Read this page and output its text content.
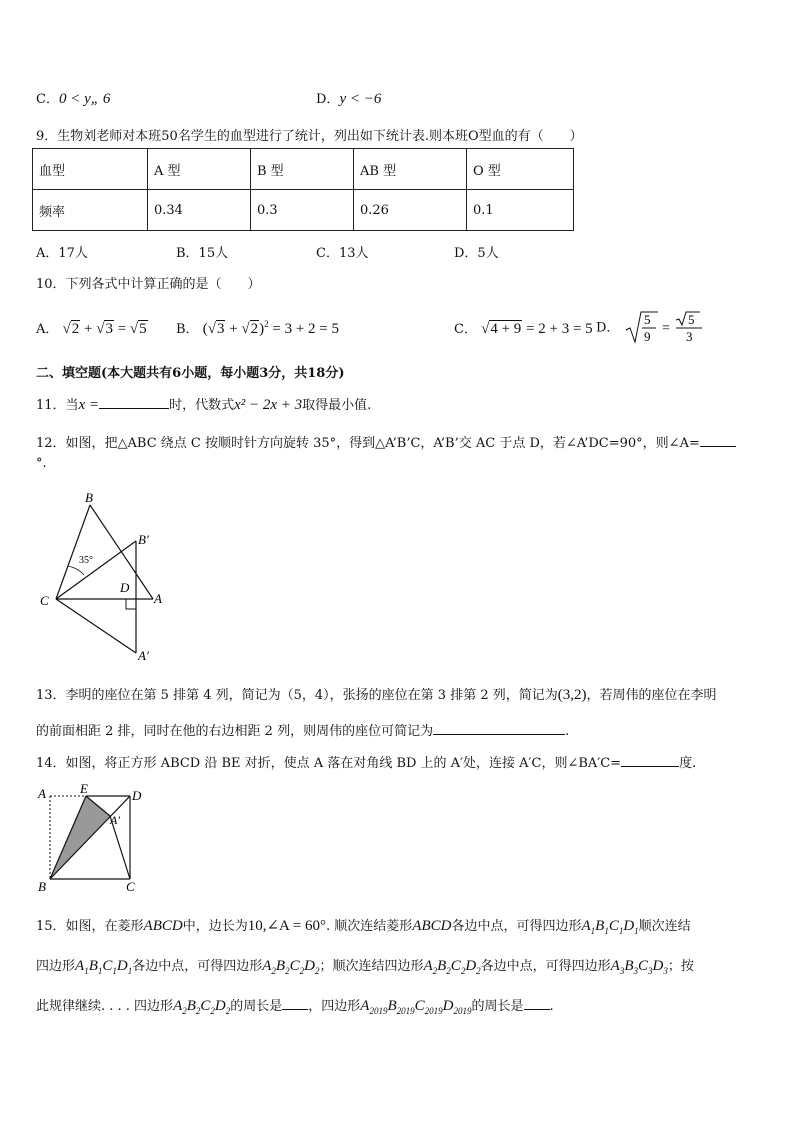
C．0 < y„ 6	D．y < −6
9．生物刘老师对本班50名学生的血型进行了统计，列出如下统计表.则本班O型血的有（　　）
血型	A 型	B 型	AB 型	O 型
频率	0.34	0.3	0.26	0.1
A．17人	B．15人	C．13人	D．5人
10．下列各式中计算正确的是（　　）
A． √2 + √3 = √5 B． $(√3 + √2)^2 = 3 + 2 = 5$	C． √4 + 9 = 2 + 3 = 5 D．
5
9
=
5
3
二、填空题(本大题共有6小题，每小题3分，共18分)
11．当x =	时，代数式x² − 2x + 3取得最小值.
12．如图，把△ABC 绕点 C 按顺时针方向旋转 35°，得到△A’B’C，A’B’交 AC 于点 D，若∠A’DC=90°，则∠A=
°.
B
B′
C
D
A
A′
35°
13．李明的座位在第 5 排第 4 列，简记为（5，4），张扬的座位在第 3 排第 2 列，简记为(3,2)，若周伟的座位在李明
的前面相距 2 排，同时在他的右边相距 2 列，则周伟的座位可简记为	.
14．如图，将正方形 ABCD 沿 BE 对折，使点 A 落在对角线 BD 上的 A′处，连接 A′C，则∠BA′C=	度.
A	E	D
A′
B	C
15．如图，在菱形ABCD中，边长为10,∠A = 60°. 顺次连结菱形ABCD各边中点，可得四边形$A_1B_1C_1D_1$顺次连结
四边形$A_1B_1C_1D_1$各边中点，可得四边形$A_2B_2C_2D_2$；顺次连结四边形$A_2B_2C_2D_2$各边中点，可得四边形$A_3B_3C_3D_3$；按
此规律继续. . . . 四边形$A_2B_2C_2D_2$的周长是 ，四边形$A_{2019}B_{2019}C_{2019}D_{2019}$的周长是 .
